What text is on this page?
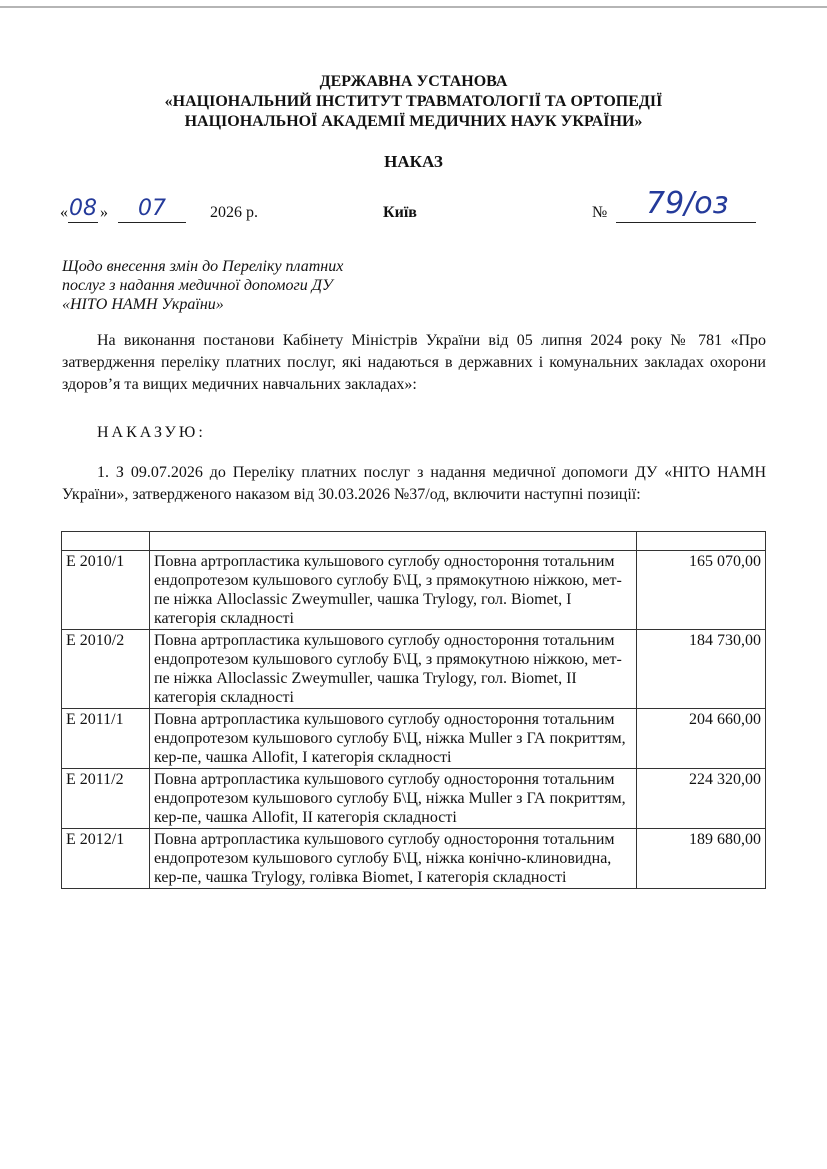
ДЕРЖАВНА УСТАНОВА
«НАЦІОНАЛЬНИЙ ІНСТИТУТ ТРАВМАТОЛОГІЇ ТА ОРТОПЕДІЇ
НАЦІОНАЛЬНОЇ АКАДЕМІЇ МЕДИЧНИХ НАУК УКРАЇНИ»
НАКАЗ
« 08 » 07	2026 р.	Київ	№ 79/оз
Щодо внесення змін до Переліку платних послуг з надання медичної допомоги ДУ «НІТО НАМН України»
На виконання постанови Кабінету Міністрів України від 05 липня 2024 року № 781 «Про затвердження переліку платних послуг, які надаються в державних і комунальних закладах охорони здоров’я та вищих медичних навчальних закладах»:
НАКАЗУЮ:
1. З 09.07.2026 до Переліку платних послуг з надання медичної допомоги ДУ «НІТО НАМН України», затвердженого наказом від 30.03.2026 №37/од, включити наступні позиції:

Е 2010/1	Повна артропластика кульшового суглобу одностороння тотальним ендопротезом кульшового суглобу Б\Ц, з прямокутною ніжкою, мет-пе ніжка Alloclassic Zweymuller, чашка Trylogy, гол. Biomet, I категорія складності	165 070,00
Е 2010/2	Повна артропластика кульшового суглобу одностороння тотальним ендопротезом кульшового суглобу Б\Ц, з прямокутною ніжкою, мет-пе ніжка Alloclassic Zweymuller, чашка Trylogy, гол. Biomet, II категорія складності	184 730,00
Е 2011/1	Повна артропластика кульшового суглобу одностороння тотальним ендопротезом кульшового суглобу Б\Ц, ніжка Muller з ГА покриттям, кер-пе, чашка Allofit, I категорія складності	204 660,00
Е 2011/2	Повна артропластика кульшового суглобу одностороння тотальним ендопротезом кульшового суглобу Б\Ц, ніжка Muller з ГА покриттям, кер-пе, чашка Allofit, II категорія складності	224 320,00
Е 2012/1	Повна артропластика кульшового суглобу одностороння тотальним ендопротезом кульшового суглобу Б\Ц, ніжка конічно-клиновидна, кер-пе, чашка Trylogy, голівка Biomet, I категорія складності	189 680,00
